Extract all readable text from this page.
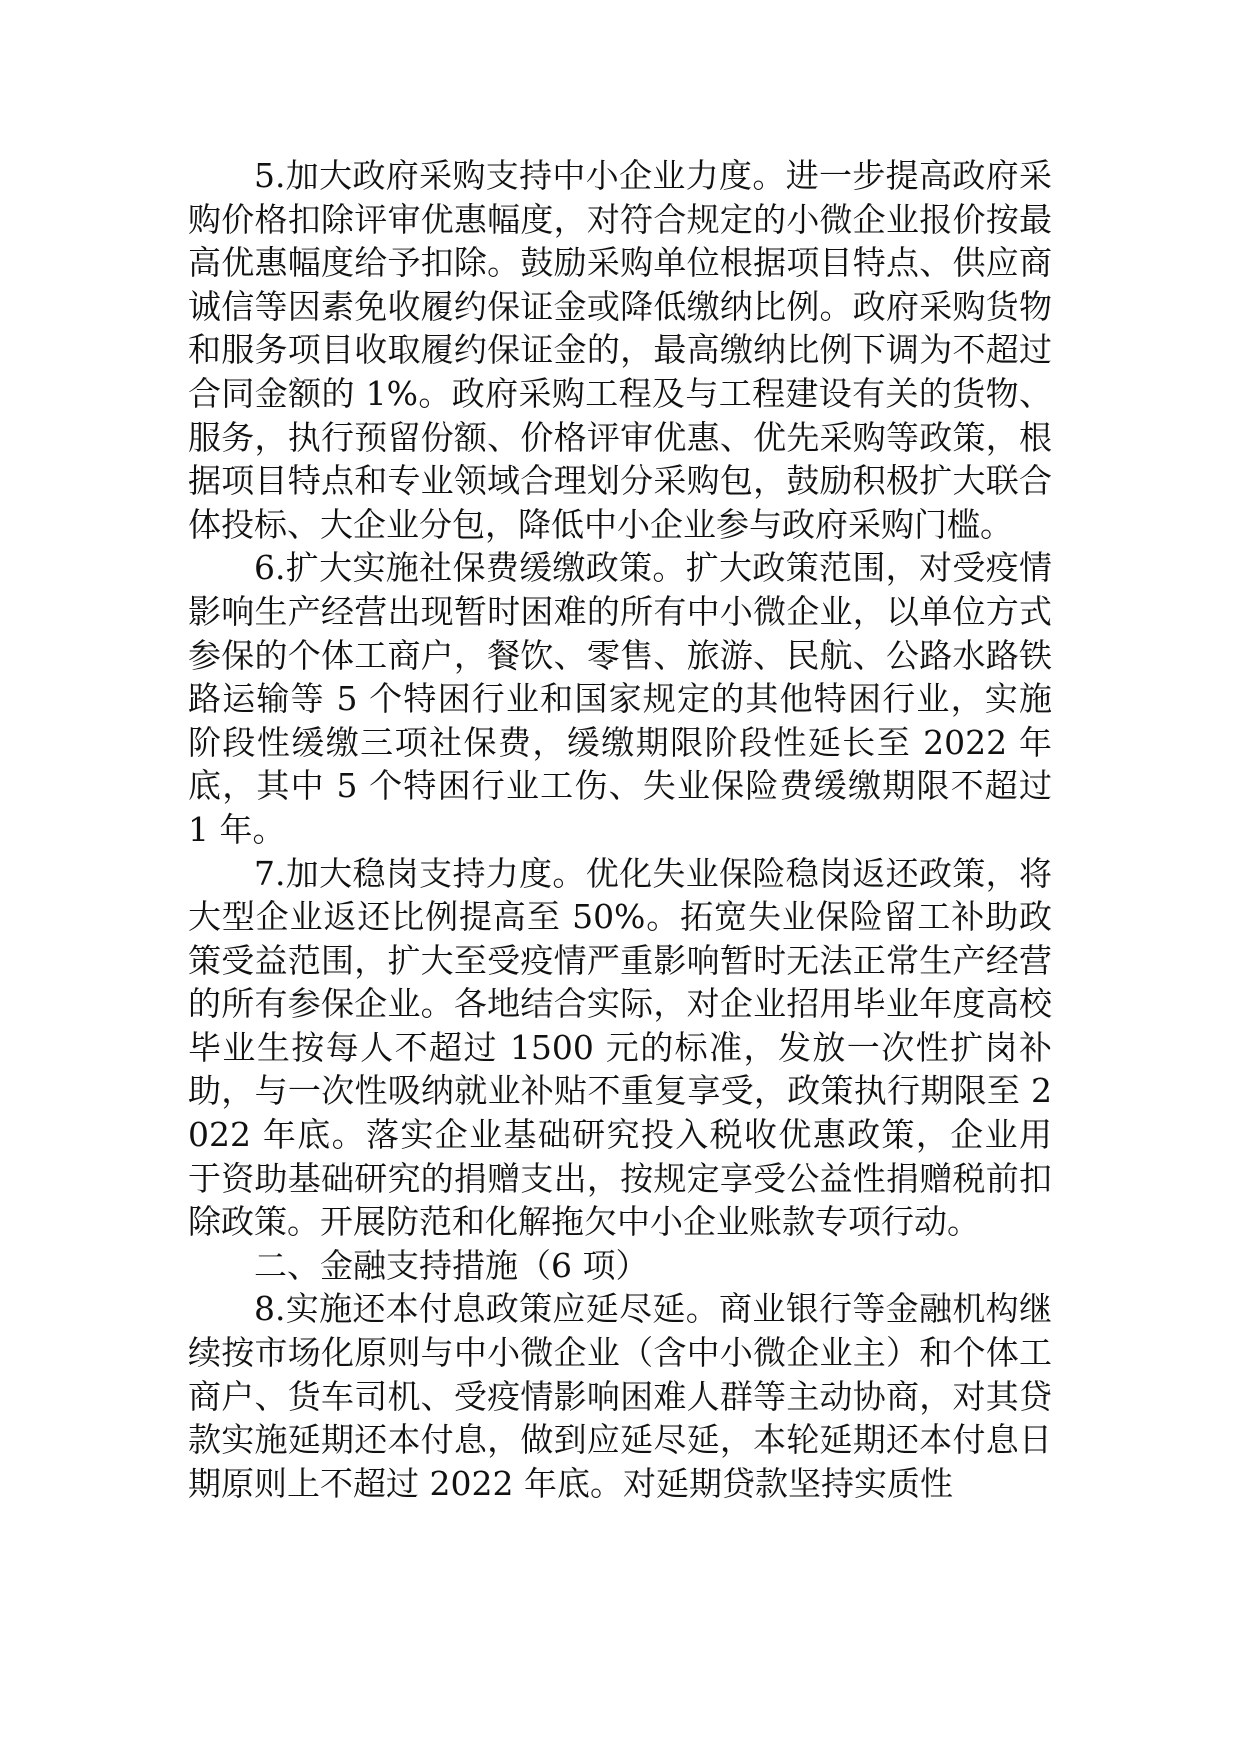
5.加大政府采购支持中小企业力度。进一步提高政府采购价格扣除评审优惠幅度，对符合规定的小微企业报价按最高优惠幅度给予扣除。鼓励采购单位根据项目特点、供应商诚信等因素免收履约保证金或降低缴纳比例。政府采购货物和服务项目收取履约保证金的，最高缴纳比例下调为不超过合同金额的 1%。政府采购工程及与工程建设有关的货物、服务，执行预留份额、价格评审优惠、优先采购等政策，根据项目特点和专业领域合理划分采购包，鼓励积极扩大联合体投标、大企业分包，降低中小企业参与政府采购门槛。

6.扩大实施社保费缓缴政策。扩大政策范围，对受疫情影响生产经营出现暂时困难的所有中小微企业，以单位方式参保的个体工商户，餐饮、零售、旅游、民航、公路水路铁路运输等 5 个特困行业和国家规定的其他特困行业，实施阶段性缓缴三项社保费，缓缴期限阶段性延长至 2022 年底，其中 5 个特困行业工伤、失业保险费缓缴期限不超过 1 年。

7.加大稳岗支持力度。优化失业保险稳岗返还政策，将大型企业返还比例提高至 50%。拓宽失业保险留工补助政策受益范围，扩大至受疫情严重影响暂时无法正常生产经营的所有参保企业。各地结合实际，对企业招用毕业年度高校毕业生按每人不超过 1500 元的标准，发放一次性扩岗补助，与一次性吸纳就业补贴不重复享受，政策执行期限至 2022 年底。落实企业基础研究投入税收优惠政策，企业用于资助基础研究的捐赠支出，按规定享受公益性捐赠税前扣除政策。开展防范和化解拖欠中小企业账款专项行动。

二、金融支持措施（6 项）

8.实施还本付息政策应延尽延。商业银行等金融机构继续按市场化原则与中小微企业（含中小微企业主）和个体工商户、货车司机、受疫情影响困难人群等主动协商，对其贷款实施延期还本付息，做到应延尽延，本轮延期还本付息日期原则上不超过 2022 年底。对延期贷款坚持实质性
